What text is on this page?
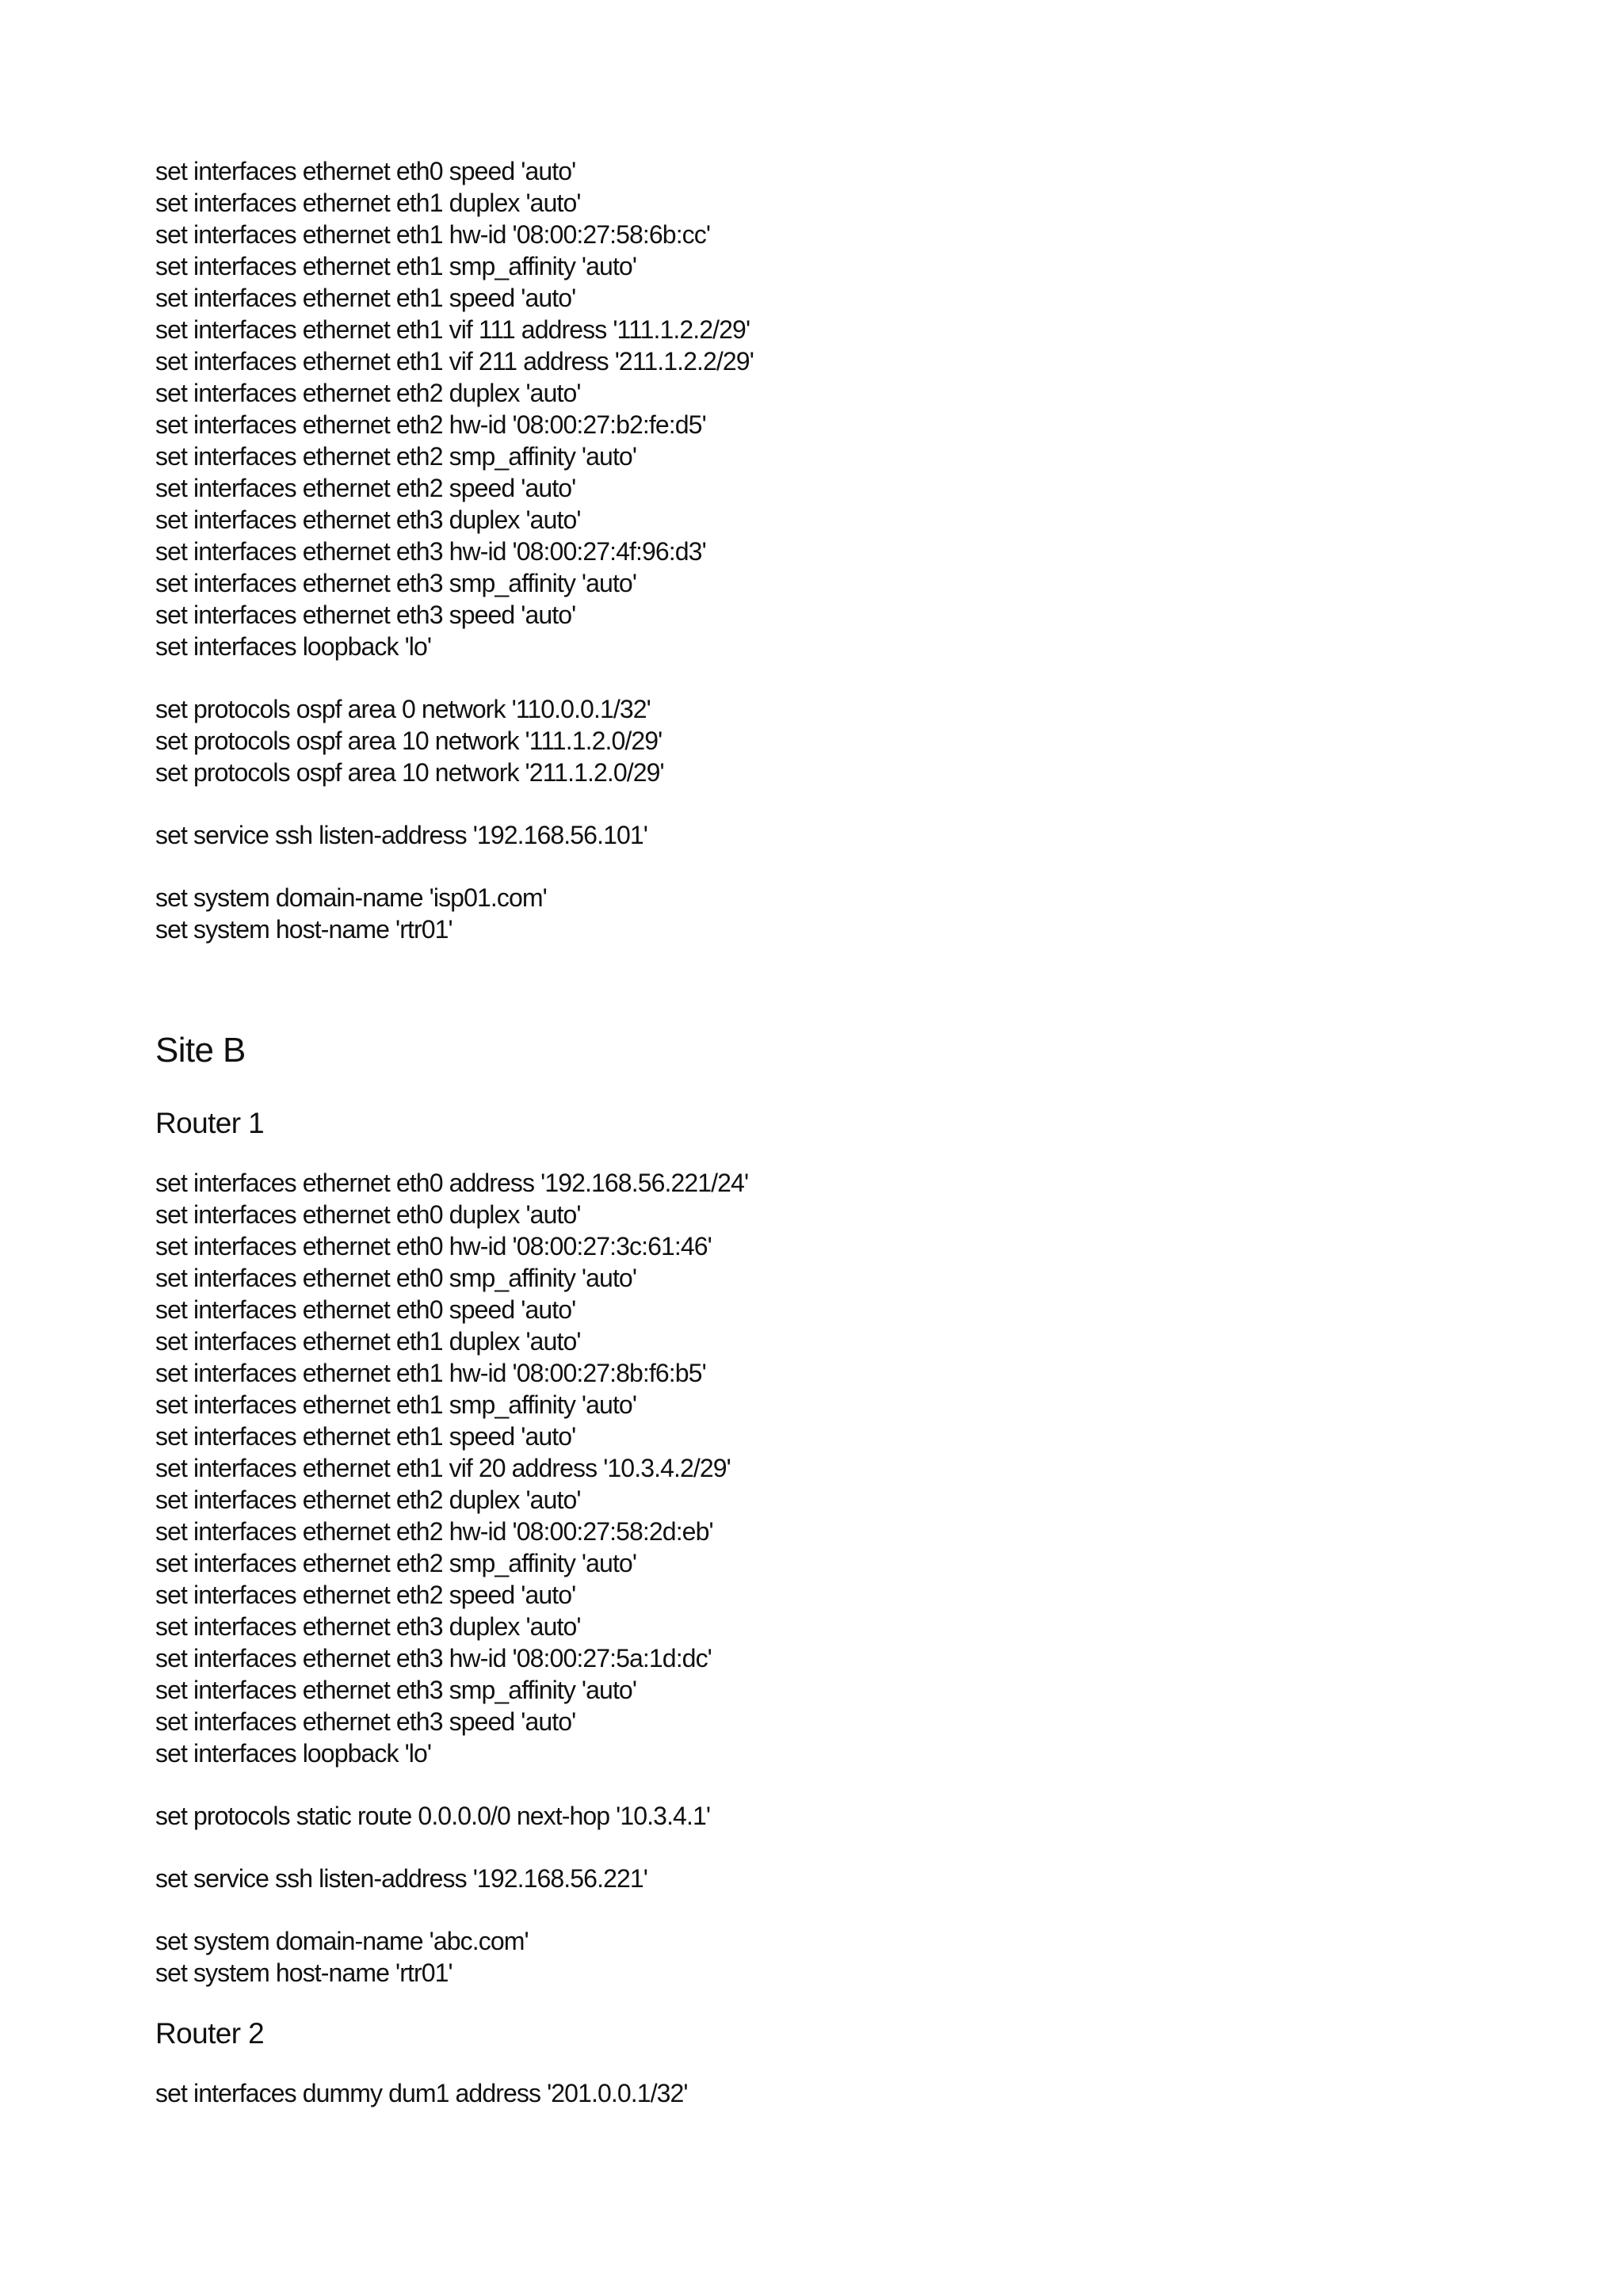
set interfaces ethernet eth0 speed 'auto'
set interfaces ethernet eth1 duplex 'auto'
set interfaces ethernet eth1 hw-id '08:00:27:58:6b:cc'
set interfaces ethernet eth1 smp_affinity 'auto'
set interfaces ethernet eth1 speed 'auto'
set interfaces ethernet eth1 vif 111 address '111.1.2.2/29'
set interfaces ethernet eth1 vif 211 address '211.1.2.2/29'
set interfaces ethernet eth2 duplex 'auto'
set interfaces ethernet eth2 hw-id '08:00:27:b2:fe:d5'
set interfaces ethernet eth2 smp_affinity 'auto'
set interfaces ethernet eth2 speed 'auto'
set interfaces ethernet eth3 duplex 'auto'
set interfaces ethernet eth3 hw-id '08:00:27:4f:96:d3'
set interfaces ethernet eth3 smp_affinity 'auto'
set interfaces ethernet eth3 speed 'auto'
set interfaces loopback 'lo'
set protocols ospf area 0 network '110.0.0.1/32'
set protocols ospf area 10 network '111.1.2.0/29'
set protocols ospf area 10 network '211.1.2.0/29'
set service ssh listen-address '192.168.56.101'
set system domain-name 'isp01.com'
set system host-name 'rtr01'
Site B
Router 1
set interfaces ethernet eth0 address '192.168.56.221/24'
set interfaces ethernet eth0 duplex 'auto'
set interfaces ethernet eth0 hw-id '08:00:27:3c:61:46'
set interfaces ethernet eth0 smp_affinity 'auto'
set interfaces ethernet eth0 speed 'auto'
set interfaces ethernet eth1 duplex 'auto'
set interfaces ethernet eth1 hw-id '08:00:27:8b:f6:b5'
set interfaces ethernet eth1 smp_affinity 'auto'
set interfaces ethernet eth1 speed 'auto'
set interfaces ethernet eth1 vif 20 address '10.3.4.2/29'
set interfaces ethernet eth2 duplex 'auto'
set interfaces ethernet eth2 hw-id '08:00:27:58:2d:eb'
set interfaces ethernet eth2 smp_affinity 'auto'
set interfaces ethernet eth2 speed 'auto'
set interfaces ethernet eth3 duplex 'auto'
set interfaces ethernet eth3 hw-id '08:00:27:5a:1d:dc'
set interfaces ethernet eth3 smp_affinity 'auto'
set interfaces ethernet eth3 speed 'auto'
set interfaces loopback 'lo'
set protocols static route 0.0.0.0/0 next-hop '10.3.4.1'
set service ssh listen-address '192.168.56.221'
set system domain-name 'abc.com'
set system host-name 'rtr01'
Router 2
set interfaces dummy dum1 address '201.0.0.1/32'
